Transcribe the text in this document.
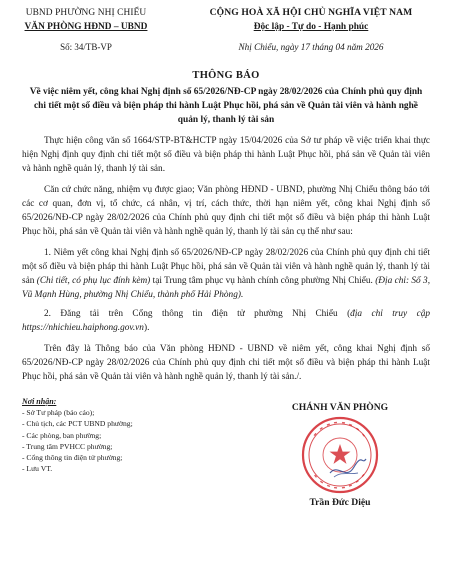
UBND PHƯỜNG NHỊ CHIỂU
VĂN PHÒNG HĐND – UBND
Số: 34/TB-VP
CỘNG HOÀ XÃ HỘI CHỦ NGHĨA VIỆT NAM
Độc lập - Tự do - Hạnh phúc
Nhị Chiểu, ngày 17 tháng 04 năm 2026
THÔNG BÁO
Về việc niêm yết, công khai Nghị định số 65/2026/NĐ-CP ngày 28/02/2026 của Chính phủ quy định chi tiết một số điều và biện pháp thi hành Luật Phục hồi, phá sản về Quản tài viên và hành nghề quản lý, thanh lý tài sản
Thực hiện công văn số 1664/STP-BT&HCTP ngày 15/04/2026 của Sở tư pháp về việc triển khai thực hiện Nghị định quy định chi tiết một số điều và biện pháp thi hành Luật Phục hồi, phá sản về Quản tài viên và hành nghề quản lý, thanh lý tài sản.
Căn cứ chức năng, nhiệm vụ được giao; Văn phòng HĐND - UBND, phường Nhị Chiểu thông báo tới các cơ quan, đơn vị, tổ chức, cá nhân, vị trí, cách thức, thời hạn niêm yết, công khai Nghị định số 65/2026/NĐ-CP ngày 28/02/2026 của Chính phủ quy định chi tiết một số điều và biện pháp thi hành Luật Phục hồi, phá sản về Quản tài viên và hành nghề quản lý, thanh lý tài sản cụ thể như sau:
1. Niêm yết công khai Nghị định số 65/2026/NĐ-CP ngày 28/02/2026 của Chính phủ quy định chi tiết một số điều và biện pháp thi hành Luật Phục hồi, phá sản về Quản tài viên và hành nghề quản lý, thanh lý tài sản (Chi tiết, có phụ lục đính kèm) tại Trung tâm phục vụ hành chính công phường Nhị Chiểu. (Địa chỉ: Số 3, Vũ Mạnh Hùng, phường Nhị Chiểu, thành phố Hải Phòng).
2. Đăng tải trên Cổng thông tin điện tử phường Nhị Chiểu (địa chỉ truy cập https://nhichieu.haiphong.gov.vn).
Trên đây là Thông báo của Văn phòng HĐND - UBND về niêm yết, công khai Nghị định số 65/2026/NĐ-CP ngày 28/02/2026 của Chính phủ quy định chi tiết một số điều và biện pháp thi hành Luật Phục hồi, phá sản về Quản tài viên và hành nghề quản lý, thanh lý tài sản./.
Nơi nhận:
- Sở Tư pháp (báo cáo);
- Chủ tịch, các PCT UBND phường;
- Các phòng, ban phường;
- Trung tâm PVHCC phường;
- Cổng thông tin điện tử phường;
- Lưu VT.
CHÁNH VĂN PHÒNG
Trần Đức Diệu
